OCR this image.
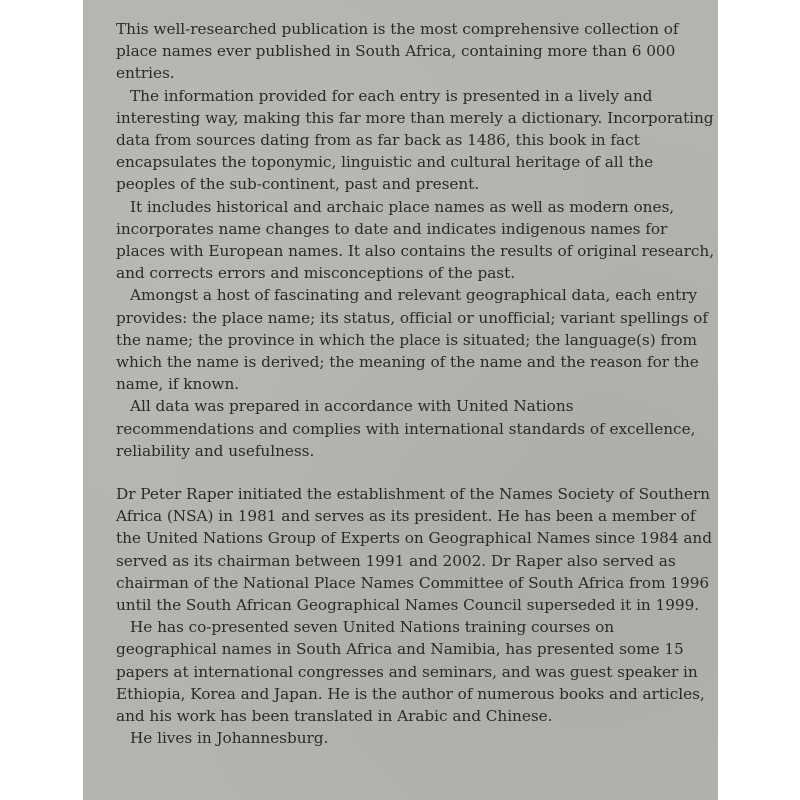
This well-researched publication is the most comprehensive collection of place names ever published in South Africa, containing more than 6 000 entries.

The information provided for each entry is presented in a lively and interesting way, making this far more than merely a dictionary. Incorporating data from sources dating from as far back as 1486, this book in fact encapsulates the toponymic, linguistic and cultural heritage of all the peoples of the sub-continent, past and present.

It includes historical and archaic place names as well as modern ones, incorporates name changes to date and indicates indigenous names for places with European names. It also contains the results of original research, and corrects errors and misconceptions of the past.

Amongst a host of fascinating and relevant geographical data, each entry provides: the place name; its status, official or unofficial; variant spellings of the name; the province in which the place is situated; the language(s) from which the name is derived; the meaning of the name and the reason for the name, if known.

All data was prepared in accordance with United Nations recommendations and complies with international standards of excellence, reliability and usefulness.

Dr Peter Raper initiated the establishment of the Names Society of Southern Africa (NSA) in 1981 and serves as its president. He has been a member of the United Nations Group of Experts on Geographical Names since 1984 and served as its chairman between 1991 and 2002. Dr Raper also served as chairman of the National Place Names Committee of South Africa from 1996 until the South African Geographical Names Council superseded it in 1999.

He has co-presented seven United Nations training courses on geographical names in South Africa and Namibia, has presented some 15 papers at international congresses and seminars, and was guest speaker in Ethiopia, Korea and Japan. He is the author of numerous books and articles, and his work has been translated in Arabic and Chinese.

He lives in Johannesburg.
